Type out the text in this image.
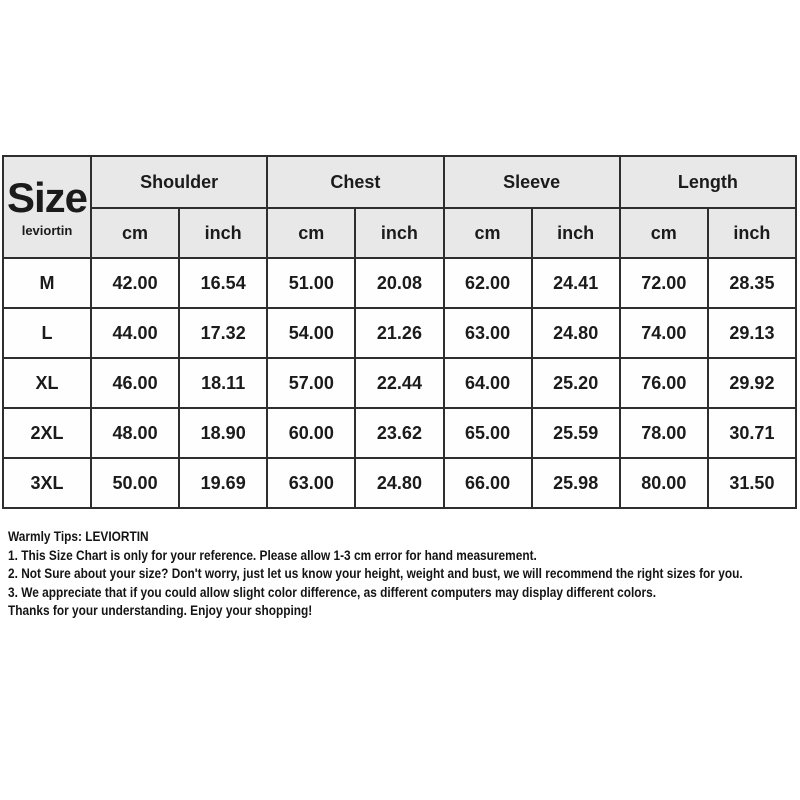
Size
leviortin	Shoulder		Chest		Sleeve		Length	
	cm	inch	cm	inch	cm	inch	cm	inch
M	42.00	16.54	51.00	20.08	62.00	24.41	72.00	28.35
L	44.00	17.32	54.00	21.26	63.00	24.80	74.00	29.13
XL	46.00	18.11	57.00	22.44	64.00	25.20	76.00	29.92
2XL	48.00	18.90	60.00	23.62	65.00	25.59	78.00	30.71
3XL	50.00	19.69	63.00	24.80	66.00	25.98	80.00	31.50
Warmly Tips: LEVIORTIN
1. This Size Chart is only for your reference. Please allow 1-3 cm error for hand measurement.
2. Not Sure about your size? Don't worry, just let us know your height, weight and bust, we will recommend the right sizes for you.
3. We appreciate that if you could allow slight color difference, as different computers may display different colors.
Thanks for your understanding. Enjoy your shopping!
